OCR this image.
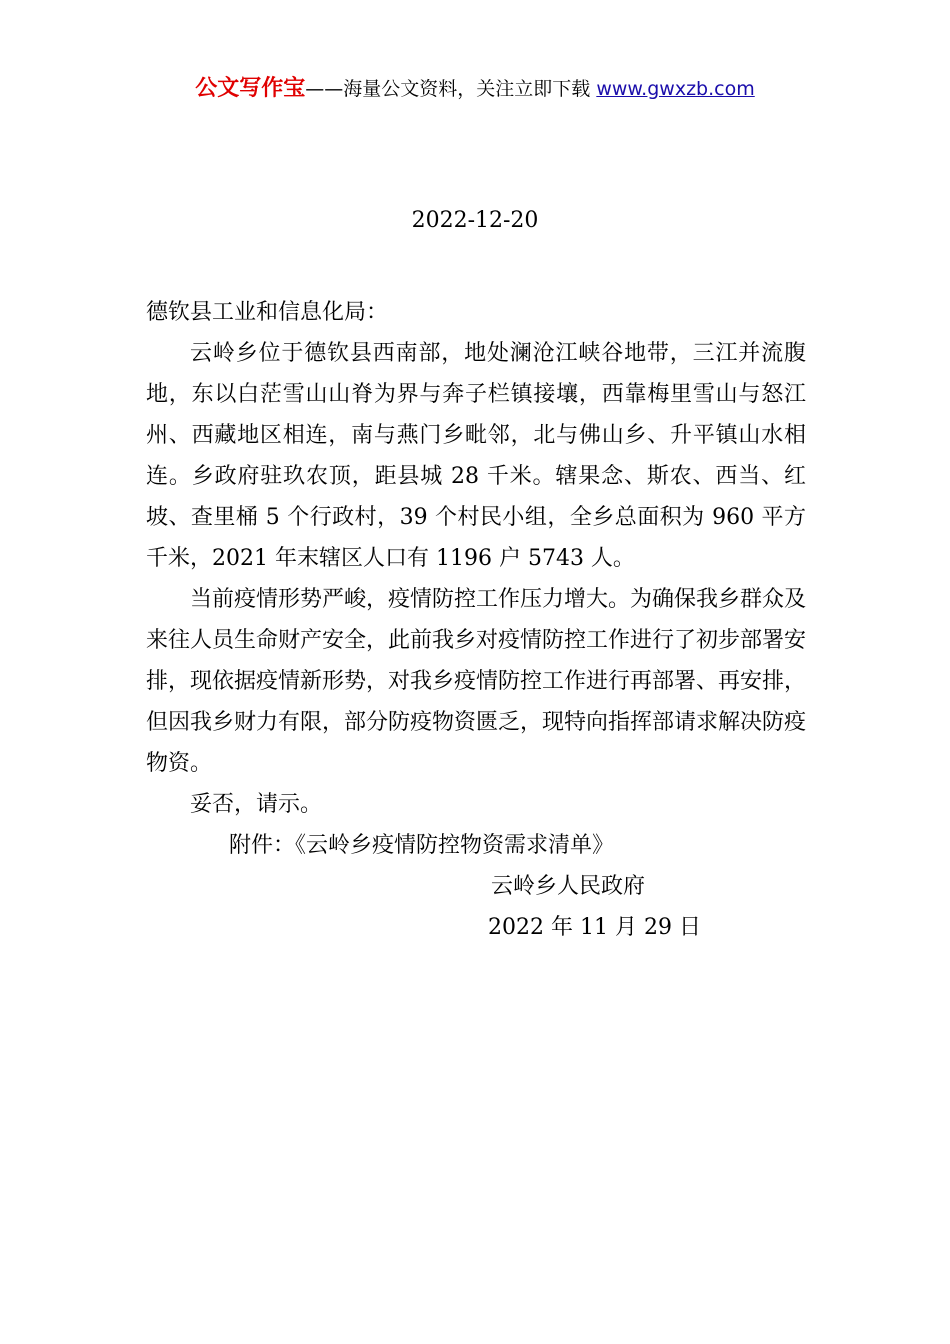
公文写作宝——海量公文资料，关注立即下载 www.gwxzb.com
2022-12-20

德钦县工业和信息化局：

云岭乡位于德钦县西南部，地处澜沧江峡谷地带，三江并流腹地，东以白茫雪山山脊为界与奔子栏镇接壤，西靠梅里雪山与怒江州、西藏地区相连，南与燕门乡毗邻，北与佛山乡、升平镇山水相连。乡政府驻玖农顶，距县城 28 千米。辖果念、斯农、西当、红坡、查里桶 5 个行政村，39 个村民小组，全乡总面积为 960 平方千米，2021 年末辖区人口有 1196 户 5743 人。

当前疫情形势严峻，疫情防控工作压力增大。为确保我乡群众及来往人员生命财产安全，此前我乡对疫情防控工作进行了初步部署安排，现依据疫情新形势，对我乡疫情防控工作进行再部署、再安排，但因我乡财力有限，部分防疫物资匮乏，现特向指挥部请求解决防疫物资。

妥否，请示。

附件：《云岭乡疫情防控物资需求清单》

云岭乡人民政府

2022 年 11 月 29 日
